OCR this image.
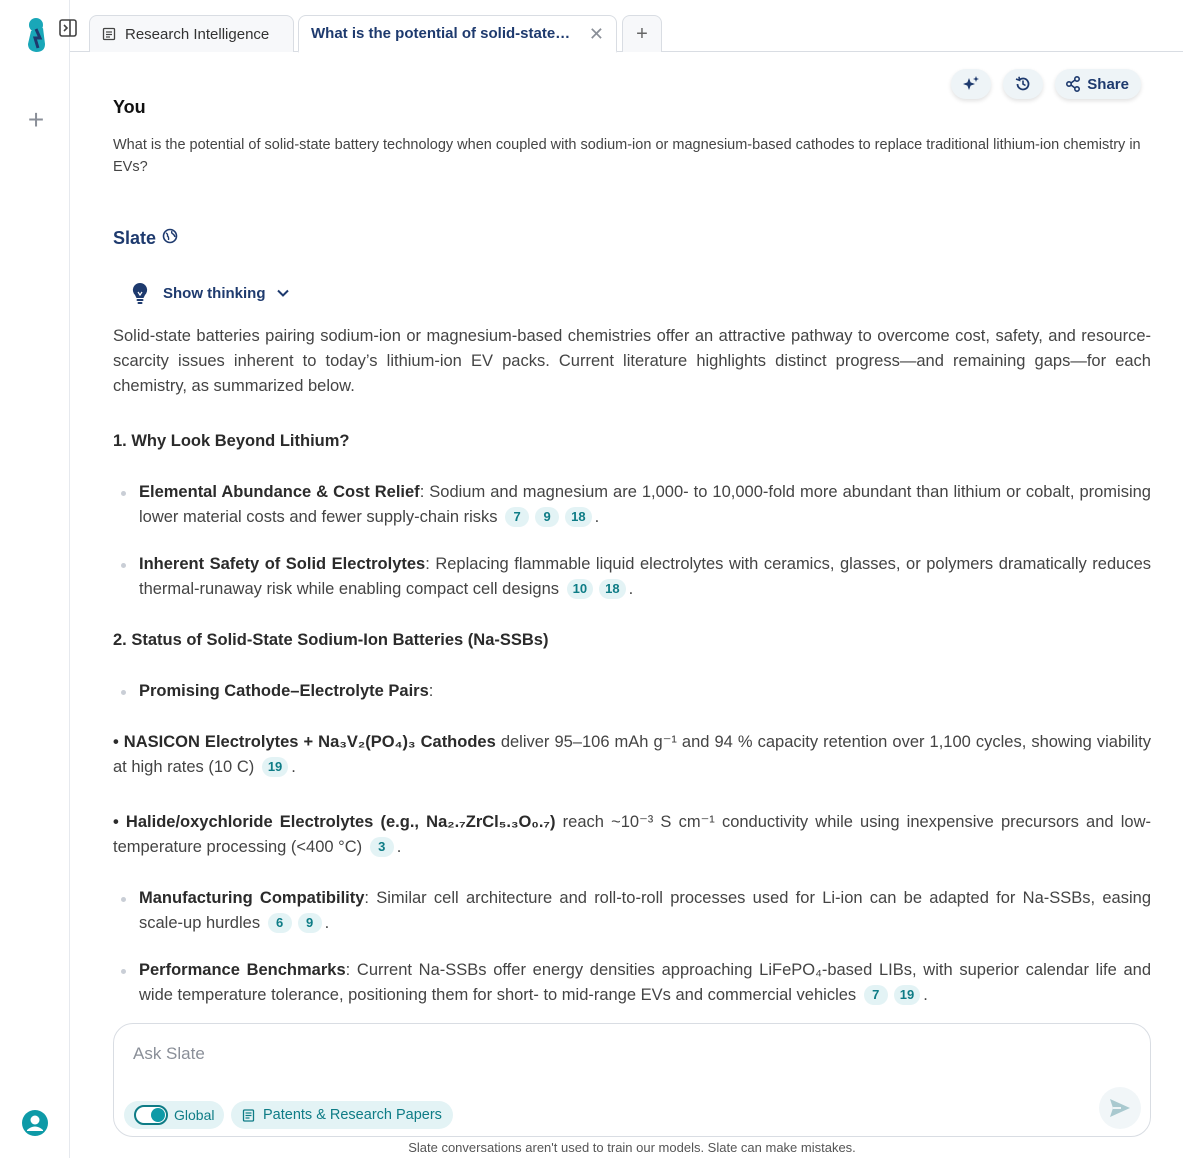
+
Research Intelligence	What is the potential of solid-state… ✕ +
Share
You
What is the potential of solid-state battery technology when coupled with sodium-ion or magnesium-based cathodes to replace traditional lithium-ion chemistry in EVs?
Slate
Show thinking

Solid-state batteries pairing sodium-ion or magnesium-based chemistries offer an attractive pathway to overcome cost, safety, and resource-scarcity issues inherent to today’s lithium-ion EV packs. Current literature highlights distinct progress—and remaining gaps—for each chemistry, as summarized below.

1. Why Look Beyond Lithium?

Elemental Abundance & Cost Relief: Sodium and magnesium are 1,000- to 10,000-fold more abundant than lithium or cobalt, promising lower material costs and fewer supply-chain risks 7 9 18 .
Inherent Safety of Solid Electrolytes: Replacing flammable liquid electrolytes with ceramics, glasses, or polymers dramatically reduces thermal-runaway risk while enabling compact cell designs 10 18 .

2. Status of Solid-State Sodium-Ion Batteries (Na-SSBs)

Promising Cathode–Electrolyte Pairs:

• NASICON Electrolytes + Na₃V₂(PO₄)₃ Cathodes deliver 95–106 mAh g⁻¹ and 94 % capacity retention over 1,100 cycles, showing viability at high rates (10 C) 19 .

• Halide/oxychloride Electrolytes (e.g., Na₂.₇ZrCl₅.₃O₀.₇) reach ~10⁻³ S cm⁻¹ conductivity while using inexpensive precursors and low-temperature processing (<400 °C) 3 .

Manufacturing Compatibility: Similar cell architecture and roll-to-roll processes used for Li-ion can be adapted for Na-SSBs, easing scale-up hurdles 6 9 .
Performance Benchmarks: Current Na-SSBs offer energy densities approaching LiFePO₄-based LIBs, with superior calendar life and wide temperature tolerance, positioning them for short- to mid-range EVs and commercial vehicles 7 19 .
Ask Slate
Global	Patents & Research Papers
Slate conversations aren't used to train our models. Slate can make mistakes.
